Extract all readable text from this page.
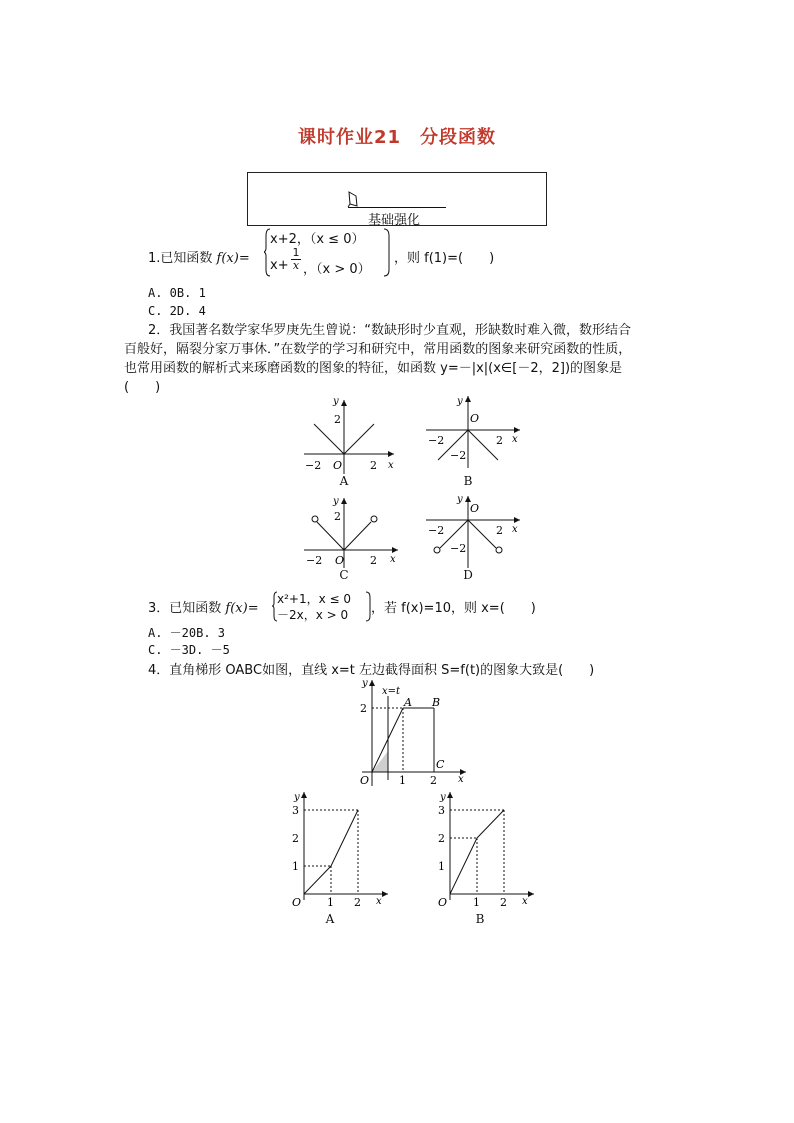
课时作业21　分段函数
基础强化
1.已知函数 f(x)=
x+2，（x ≤ 0）
x+
1
x ，（x > 0）
，则 f(1)=(　　)
A. 0B. 1
C. 2D. 4
2．我国著名数学家华罗庚先生曾说：“数缺形时少直观，形缺数时难入微，数形结合
百般好，隔裂分家万事休．”在数学的学习和研究中，常用函数的图象来研究函数的性质，
也常用函数的解析式来琢磨函数的图象的特征，如函数 y=－|x|(x∈[－2，2])的图象是
(　　)
y
2
−2 O	2 x
A
y
O
−2	2 x
−2
B
y
2
−2 O 2 x
C
y
O
−2	2 x
−2
D
3．已知函数 f(x)=
x²+1，x ≤ 0
－2x，x > 0 ，若 f(x)=10，则 x=(　　)
A. －20B. 3
C. －3D. －5
4．直角梯形 OABC如图，直线 x=t 左边截得面积 S=f(t)的图象大致是(　　)
y
x=t
A B
C
2
O	1 2 x
y
3
2
1
O 1 2 x
A
y
3
2
1
O 1 2 x
B
